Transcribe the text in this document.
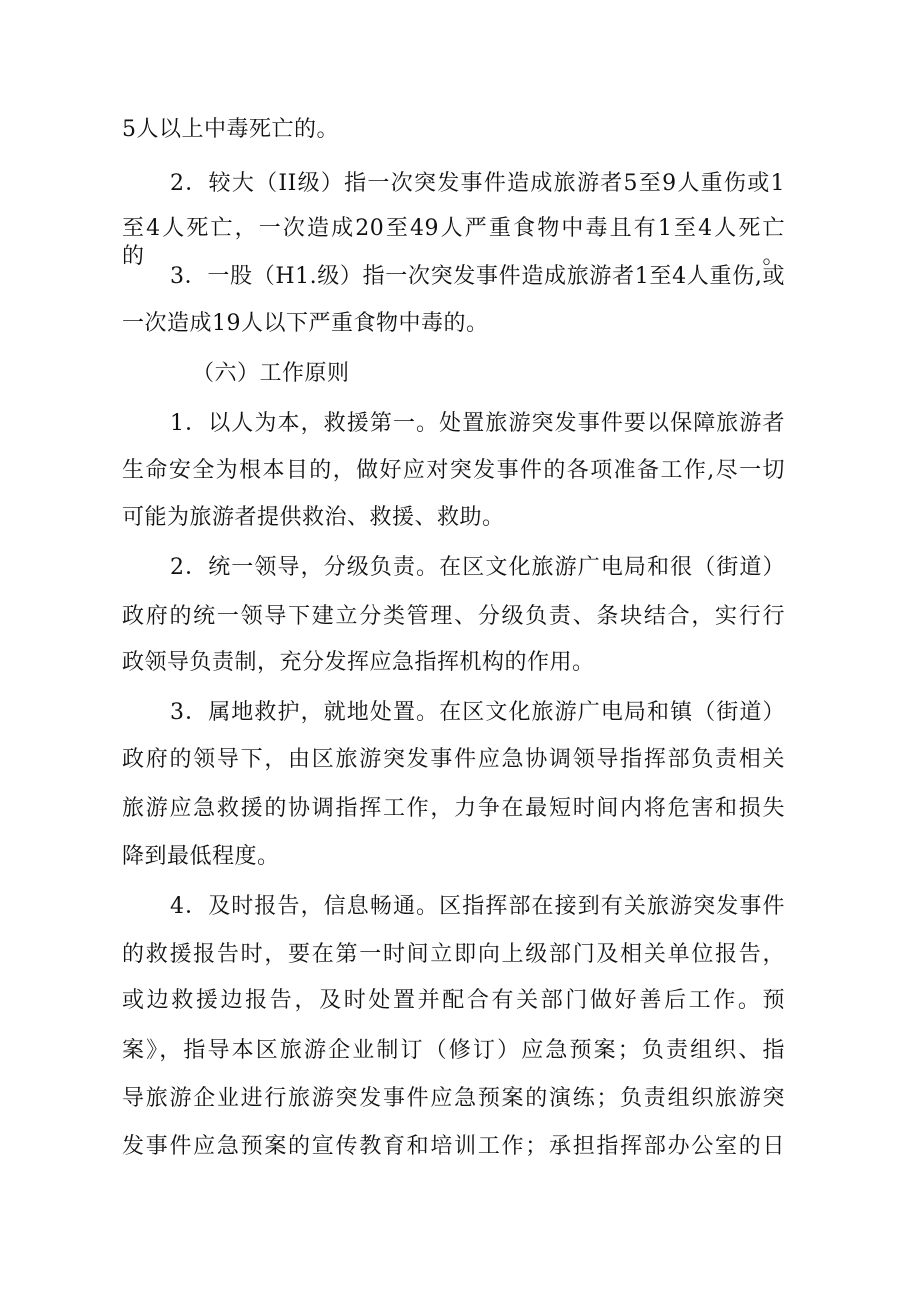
5人以上中毒死亡的。
2．较大（II级）指一次突发事件造成旅游者5至9人重伤或1
至4人死亡，一次造成20至49人严重食物中毒且有1至4人死亡的。
3．一股（H1.级）指一次突发事件造成旅游者1至4人重伤,或
一次造成19人以下严重食物中毒的。
（六）工作原则
1．以人为本，救援第一。处置旅游突发事件要以保障旅游者
生命安全为根本目的，做好应对突发事件的各项准备工作,尽一切
可能为旅游者提供救治、救援、救助。
2．统一领导，分级负责。在区文化旅游广电局和很（街道）
政府的统一领导下建立分类管理、分级负责、条块结合，实行行
政领导负责制，充分发挥应急指挥机构的作用。
3．属地救护，就地处置。在区文化旅游广电局和镇（街道）
政府的领导下，由区旅游突发事件应急协调领导指挥部负责相关
旅游应急救援的协调指挥工作，力争在最短时间内将危害和损失
降到最低程度。
4．及时报告，信息畅通。区指挥部在接到有关旅游突发事件
的救援报告时，要在第一时间立即向上级部门及相关单位报告，
或边救援边报告，及时处置并配合有关部门做好善后工作。预
案》，指导本区旅游企业制订（修订）应急预案；负责组织、指
导旅游企业进行旅游突发事件应急预案的演练；负责组织旅游突
发事件应急预案的宣传教育和培训工作；承担指挥部办公室的日
